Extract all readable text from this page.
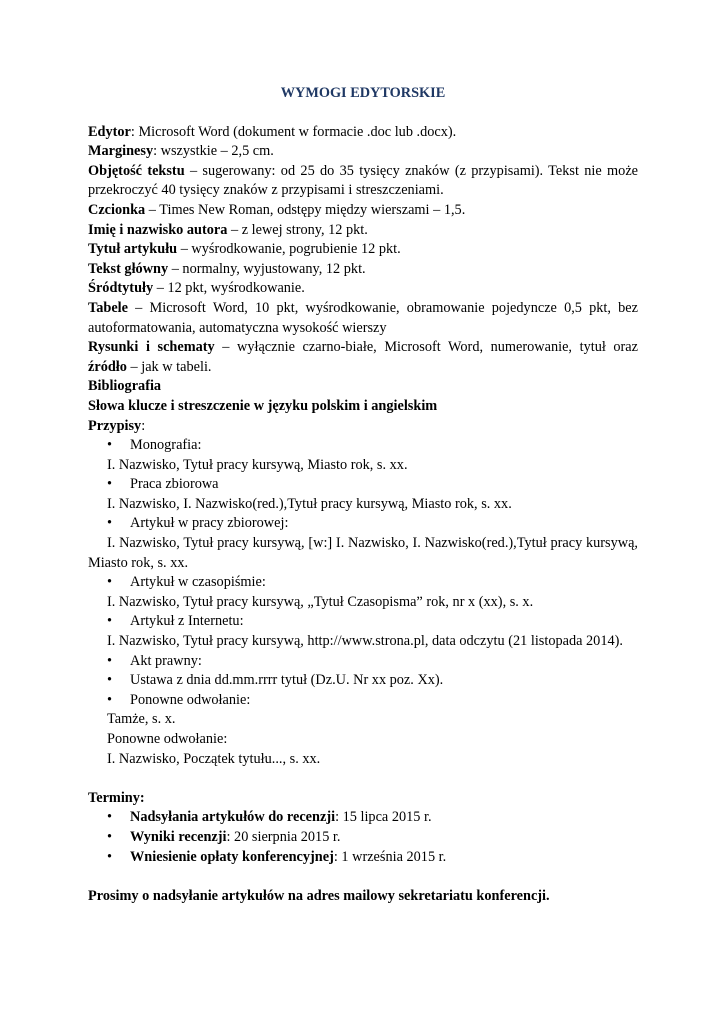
WYMOGI EDYTORSKIE

Edytor: Microsoft Word (dokument w formacie .doc lub .docx).

Marginesy: wszystkie – 2,5 cm.

Objętość tekstu – sugerowany: od 25 do 35 tysięcy znaków (z przypisami). Tekst nie może przekroczyć 40 tysięcy znaków z przypisami i streszczeniami.

Czcionka – Times New Roman, odstępy między wierszami – 1,5.

Imię i nazwisko autora – z lewej strony, 12 pkt.

Tytuł artykułu – wyśrodkowanie, pogrubienie 12 pkt.

Tekst główny – normalny, wyjustowany, 12 pkt.

Śródtytuły – 12 pkt, wyśrodkowanie.

Tabele – Microsoft Word, 10 pkt, wyśrodkowanie, obramowanie pojedyncze 0,5 pkt, bez autoformatowania, automatyczna wysokość wierszy

Rysunki i schematy – wyłącznie czarno-białe, Microsoft Word, numerowanie, tytuł oraz źródło – jak w tabeli.

Bibliografia

Słowa klucze i streszczenie w języku polskim i angielskim

Przypisy:

• Monografia:

I. Nazwisko, Tytuł pracy kursywą, Miasto rok, s. xx.

• Praca zbiorowa

I. Nazwisko, I. Nazwisko(red.),Tytuł pracy kursywą, Miasto rok, s. xx.

• Artykuł w pracy zbiorowej:

I. Nazwisko, Tytuł pracy kursywą, [w:] I. Nazwisko, I. Nazwisko(red.),Tytuł pracy kursywą, Miasto rok, s. xx.

• Artykuł w czasopiśmie:

I. Nazwisko, Tytuł pracy kursywą, „Tytuł Czasopisma” rok, nr x (xx), s. x.

• Artykuł z Internetu:

I. Nazwisko, Tytuł pracy kursywą, http://www.strona.pl, data odczytu (21 listopada 2014).

• Akt prawny:

• Ustawa z dnia dd.mm.rrrr tytuł (Dz.U. Nr xx poz. Xx).

• Ponowne odwołanie:

Tamże, s. x.

Ponowne odwołanie:

I. Nazwisko, Początek tytułu..., s. xx.

Terminy:

• Nadsyłania artykułów do recenzji: 15 lipca 2015 r.

• Wyniki recenzji: 20 sierpnia 2015 r.

• Wniesienie opłaty konferencyjnej: 1 września 2015 r.

Prosimy o nadsyłanie artykułów na adres mailowy sekretariatu konferencji.
